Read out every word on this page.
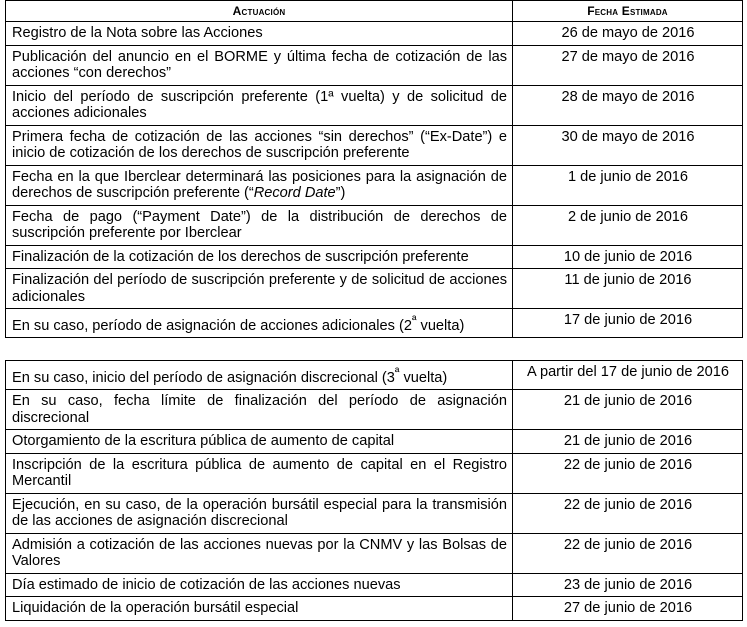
Actuación	Fecha Estimada
Registro de la Nota sobre las Acciones	26 de mayo de 2016
Publicación del anuncio en el BORME y última fecha de cotización de las acciones “con derechos”	27 de mayo de 2016
Inicio del período de suscripción preferente (1ª vuelta) y de solicitud de acciones adicionales	28 de mayo de 2016
Primera fecha de cotización de las acciones “sin derechos” (“Ex-Date”) e inicio de cotización de los derechos de suscripción preferente	30 de mayo de 2016
Fecha en la que Iberclear determinará las posiciones para la asignación de derechos de suscripción preferente (“Record Date”)	1 de junio de 2016
Fecha de pago (“Payment Date”) de la distribución de derechos de suscripción preferente por Iberclear	2 de junio de 2016
Finalización de la cotización de los derechos de suscripción preferente	10 de junio de 2016
Finalización del período de suscripción preferente y de solicitud de acciones adicionales	11 de junio de 2016
En su caso, período de asignación de acciones adicionales ($2^ª$ vuelta)	17 de junio de 2016
En su caso, inicio del período de asignación discrecional ($3^ª$ vuelta)	A partir del 17 de junio de 2016
En su caso, fecha límite de finalización del período de asignación discrecional	21 de junio de 2016
Otorgamiento de la escritura pública de aumento de capital	21 de junio de 2016
Inscripción de la escritura pública de aumento de capital en el Registro Mercantil	22 de junio de 2016
Ejecución, en su caso, de la operación bursátil especial para la transmisión de las acciones de asignación discrecional	22 de junio de 2016
Admisión a cotización de las acciones nuevas por la CNMV y las Bolsas de Valores	22 de junio de 2016
Día estimado de inicio de cotización de las acciones nuevas	23 de junio de 2016
Liquidación de la operación bursátil especial	27 de junio de 2016
